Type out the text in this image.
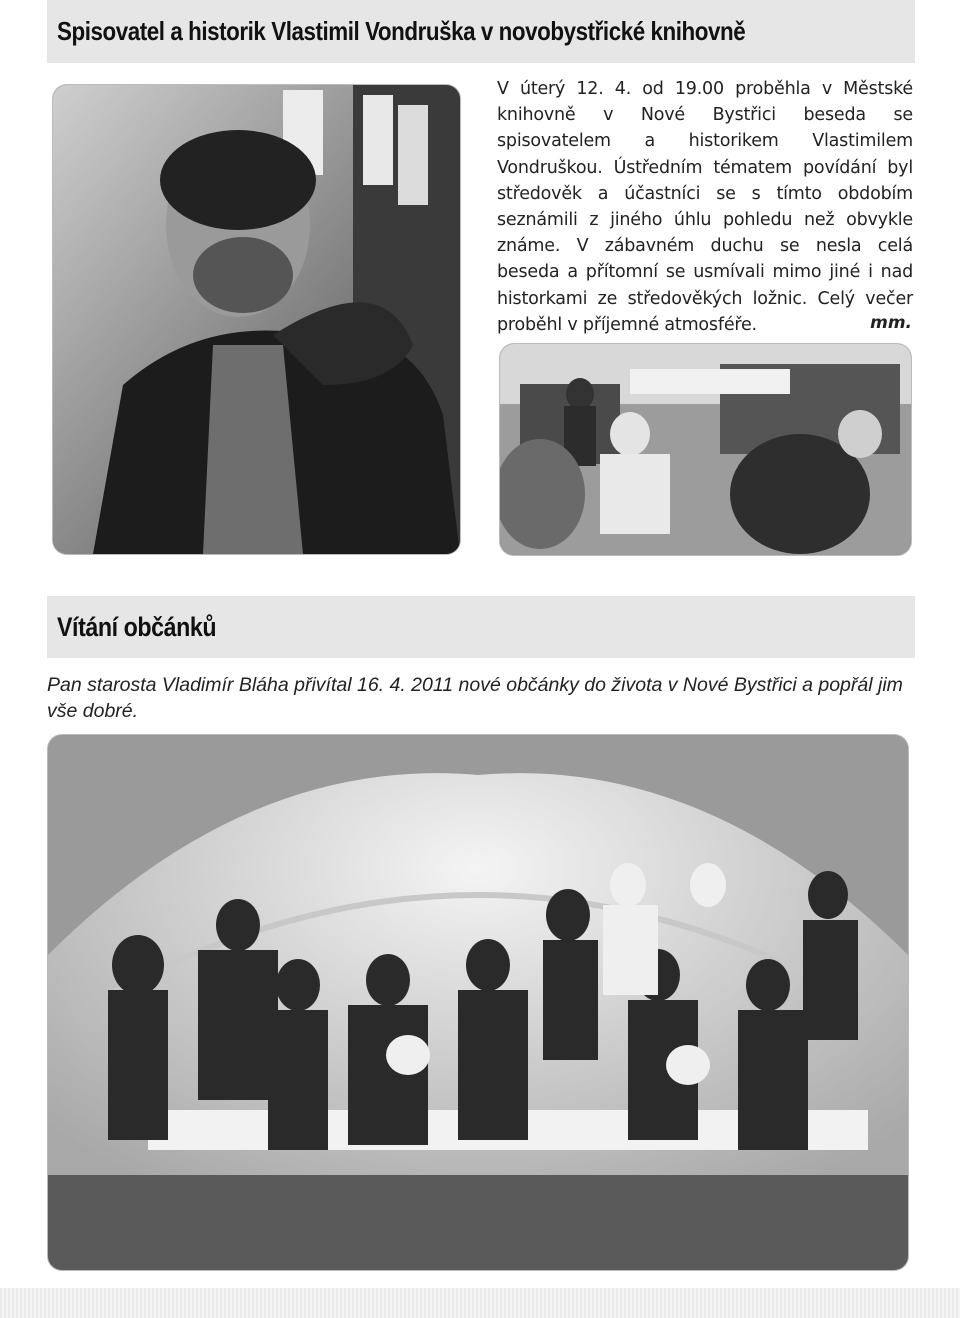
Spisovatel a historik Vlastimil Vondruška v novobystřické knihovně
V úterý 12. 4. od 19.00 proběhla v Městské knihovně v Nové Bystřici beseda se spisovatelem a historikem Vlastimilem Vondruškou. Ústředním tématem povídání byl středověk a účastníci se s tímto obdobím seznámili z jiného úhlu pohledu než obvykle známe. V zábavném duchu se nesla celá beseda a přítomní se usmívali mimo jiné i nad historkami ze středověkých ložnic. Celý večer proběhl v příjemné atmosféře.	mm.
Vítání občánků
Pan starosta Vladimír Bláha přivítal 16. 4. 2011 nové občánky do života v Nové Bystřici a popřál jim vše dobré.
